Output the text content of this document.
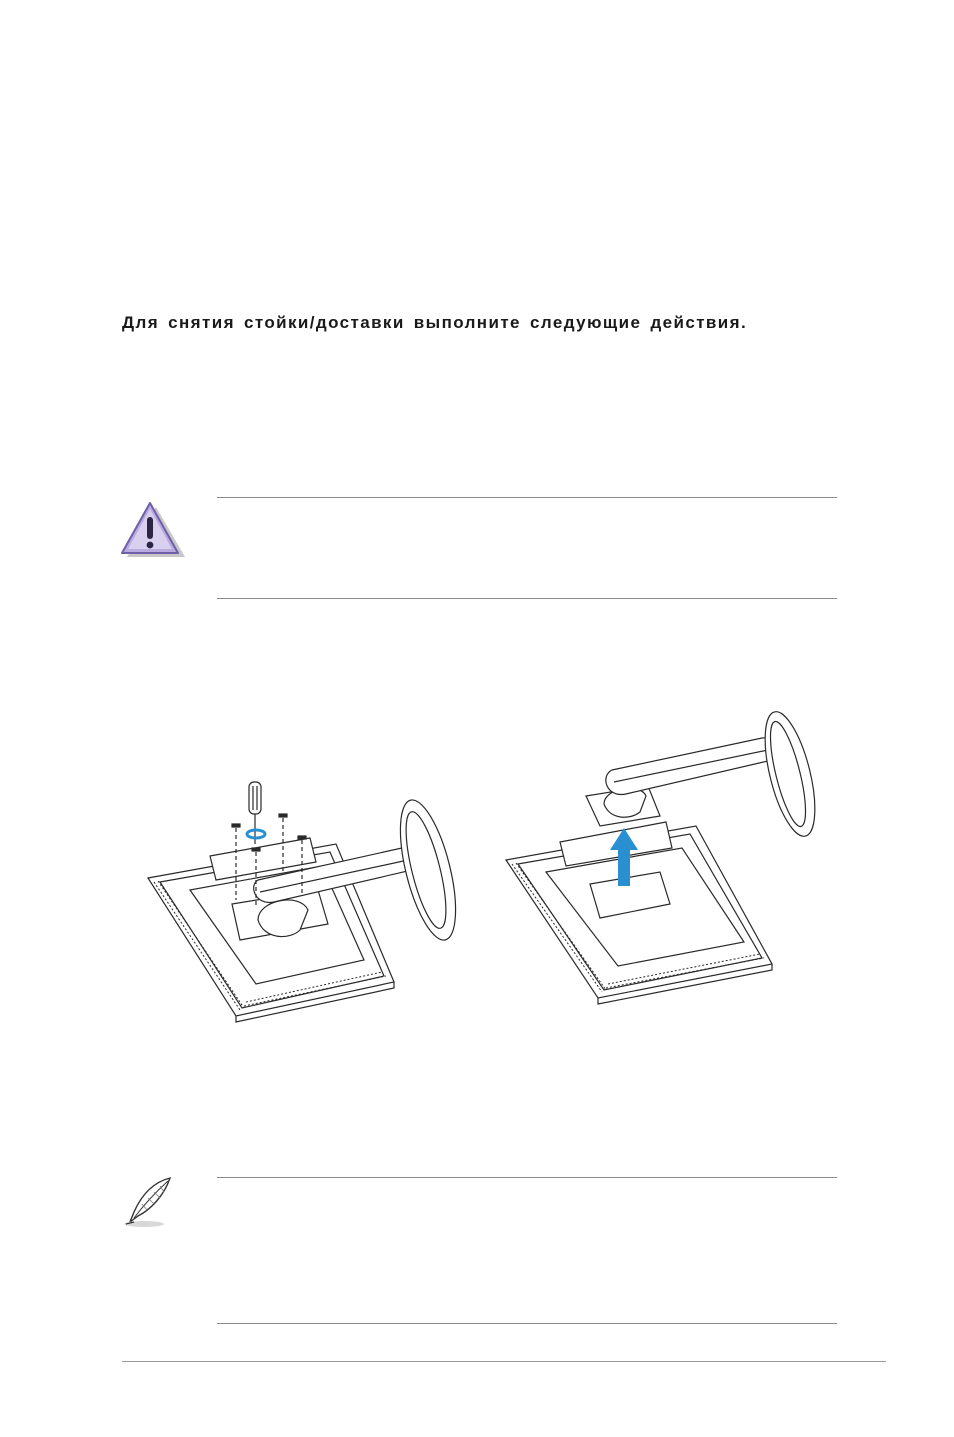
Для снятия стойки/доставки выполните следующие действия.
